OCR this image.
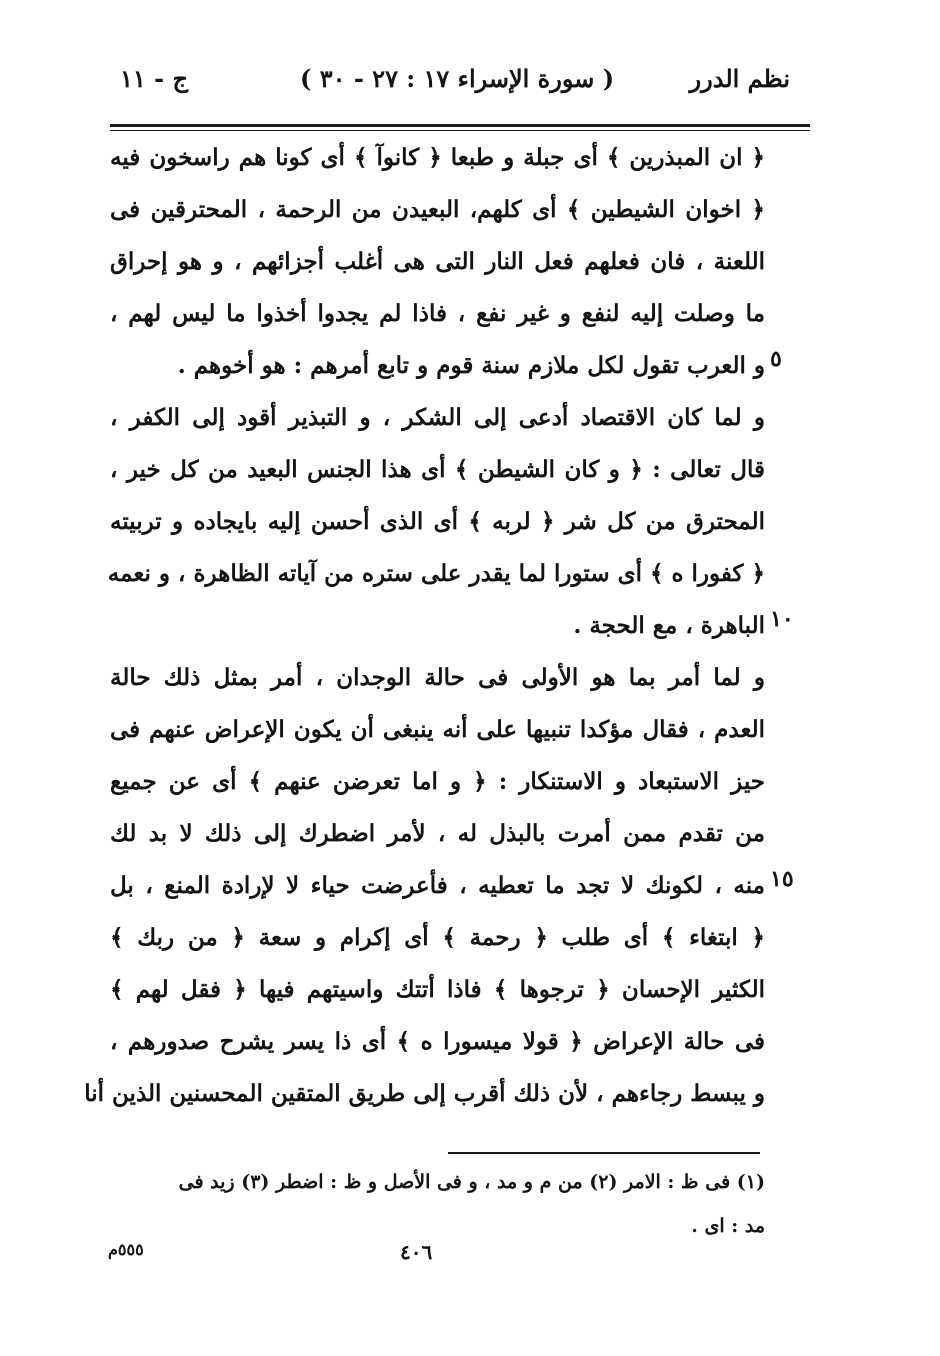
نظم الدرر
( سورة الإسراء ١٧ : ٢٧ - ٣٠ )
ج - ١١
﴿ ان المبذرين ﴾ أى جبلة و طبعا ﴿ كانوآ ﴾ أى كونا هم راسخون فيه
﴿ اخوان الشيطين ﴾ أى كلهم، البعيدن من الرحمة ، المحترقين فى
اللعنة ، فان فعلهم فعل النار التى هى أغلب أجزائهم ، و هو إحراق
ما وصلت إليه لنفع و غير نفع ، فاذا لم يجدوا أخذوا ما ليس لهم ،
و العرب تقول لكل ملازم سنة قوم و تابع أمرهم : هو أخوهم .
و لما كان الاقتصاد أدعى إلى الشكر ، و التبذير أقود إلى الكفر ،
قال تعالى : ﴿ و كان الشيطن ﴾ أى هذا الجنس البعيد من كل خير ،
المحترق من كل شر ﴿ لربه ﴾ أى الذى أحسن إليه بايجاده و تربيته
﴿ كفورا ه ﴾ أى ستورا لما يقدر على ستره من آياته الظاهرة ، و نعمه
الباهرة ، مع الحجة .
و لما أمر بما هو الأولى فى حالة الوجدان ، أمر بمثل ذلك حالة
العدم ، فقال مؤكدا تنبيها على أنه ينبغى أن يكون الإعراض عنهم فى
حيز الاستبعاد و الاستنكار : ﴿ و اما تعرضن عنهم ﴾ أى عن جميع
من تقدم ممن أمرت بالبذل له ، لأمر اضطرك إلى ذلك لا بد لك
منه ، لكونك لا تجد ما تعطيه ، فأعرضت حياء لا لإرادة المنع ، بل
﴿ ابتغاء ﴾ أى طلب ﴿ رحمة ﴾ أى إكرام و سعة ﴿ من ربك ﴾
الكثير الإحسان ﴿ ترجوها ﴾ فاذا أتتك واسيتهم فيها ﴿ فقل لهم ﴾
فى حالة الإعراض ﴿ قولا ميسورا ه ﴾ أى ذا يسر يشرح صدورهم ،
و يبسط رجاءهم ، لأن ذلك أقرب إلى طريق المتقين المحسنين الذين أنا
٥
١٠
١٥
(١) فى ظ : الامر (٢) من م و مد ، و فى الأصل و ظ : اضطر (٣) زيد فى
مد : اى .
٤٠٦
٥٥٥م
